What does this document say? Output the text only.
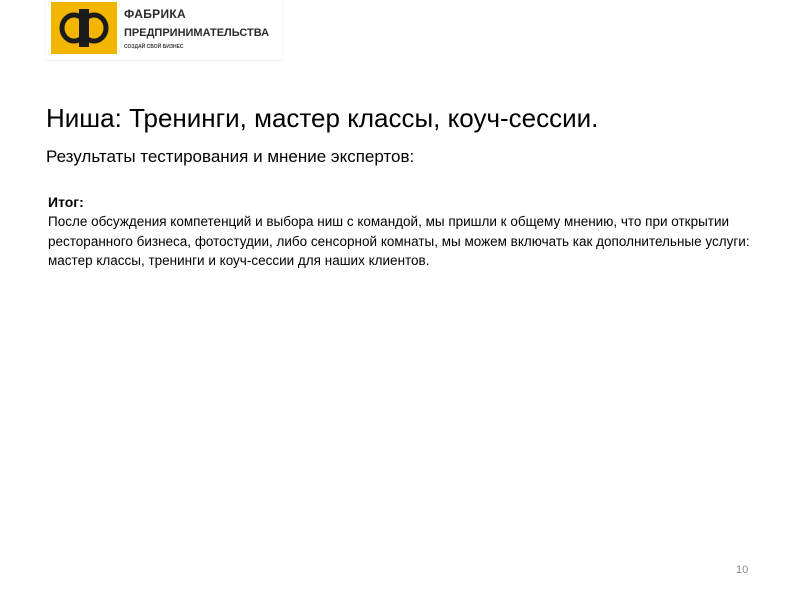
ФАБРИКА
ПРЕДПРИНИМАТЕЛЬСТВА
СОЗДАЙ СВОЙ БИЗНЕС
Ниша: Тренинги, мастер классы, коуч-сессии.
Результаты тестирования и мнение экспертов:
Итог:
После обсуждения компетенций и выбора ниш с командой, мы пришли к общему мнению, что при открытии ресторанного бизнеса, фотостудии, либо сенсорной комнаты, мы можем включать как дополнительные услуги: мастер классы, тренинги и коуч-сессии для наших клиентов.
10
